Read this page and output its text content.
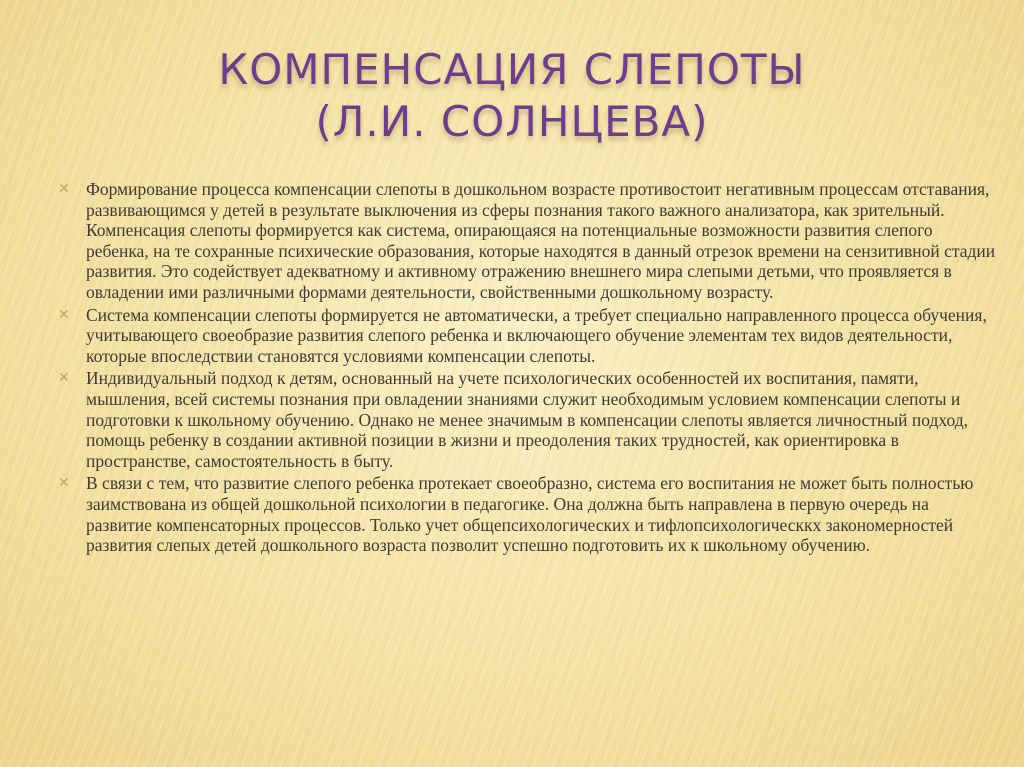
КОМПЕНСАЦИЯ СЛЕПОТЫ
(Л.И. СОЛНЦЕВА)
✕ Формирование процесса компенсации слепоты в дошкольном возрасте противостоит негативным процессам отставания, развивающимся у детей в результате выключения из сферы познания такого важного анализатора, как зрительный. Компенсация слепоты формируется как система, опирающаяся на потенциальные возможности развития слепого ребенка, на те сохранные психические образования, которые находятся в данный отрезок времени на сензитивной стадии развития. Это содействует адекватному и активному отражению внешнего мира слепыми детьми, что проявляется в овладении ими различными формами деятельности, свойственными дошкольному возрасту.
✕ Система компенсации слепоты формируется не автоматически, а требует специально направленного процесса обучения, учитывающего своеобразие развития слепого ребенка и включающего обучение элементам тех видов деятельности, которые впоследствии становятся условиями компенсации слепоты.
✕ Индивидуальный подход к детям, основанный на учете психологических особенностей их воспитания, памяти, мышления, всей системы познания при овладении знаниями служит необходимым условием компенсации слепоты и подготовки к школьному обучению. Однако не менее значимым в компенсации слепоты является личностный подход, помощь ребенку в создании активной позиции в жизни и преодоления таких трудностей, как ориентировка в пространстве, самостоятельность в быту.
✕ В связи с тем, что развитие слепого ребенка протекает своеобразно, система его воспитания не может быть полностью заимствована из общей дошкольной психологии в педагогике. Она должна быть направлена в первую очередь на развитие компенсаторных процессов. Только учет общепсихологических и тифлопсихологическкх закономерностей развития слепых детей дошкольного возраста позволит успешно подготовить их к школьному обучению.
